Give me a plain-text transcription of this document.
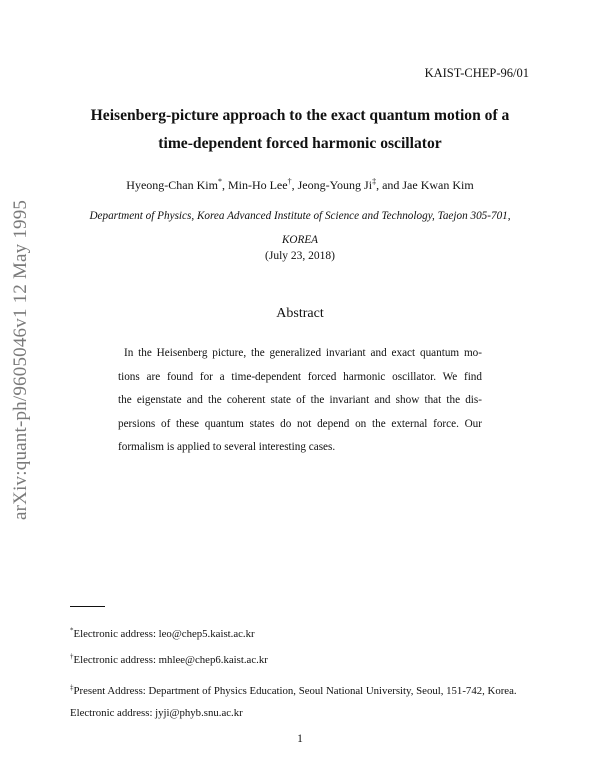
KAIST-CHEP-96/01
Heisenberg-picture approach to the exact quantum motion of a
time-dependent forced harmonic oscillator
Hyeong-Chan Kim*, Min-Ho Lee†, Jeong-Young Ji‡, and Jae Kwan Kim
Department of Physics, Korea Advanced Institute of Science and Technology, Taejon 305-701,
KOREA
(July 23, 2018)
Abstract
In the Heisenberg picture, the generalized invariant and exact quantum mo-
tions are found for a time-dependent forced harmonic oscillator. We find
the eigenstate and the coherent state of the invariant and show that the dis-
persions of these quantum states do not depend on the external force. Our
formalism is applied to several interesting cases.
arXiv:quant-ph/9605046v1 12 May 1995
*Electronic address: leo@chep5.kaist.ac.kr
†Electronic address: mhlee@chep6.kaist.ac.kr
‡Present Address: Department of Physics Education, Seoul National University, Seoul, 151-742, Korea. Electronic address: jyji@phyb.snu.ac.kr
1
